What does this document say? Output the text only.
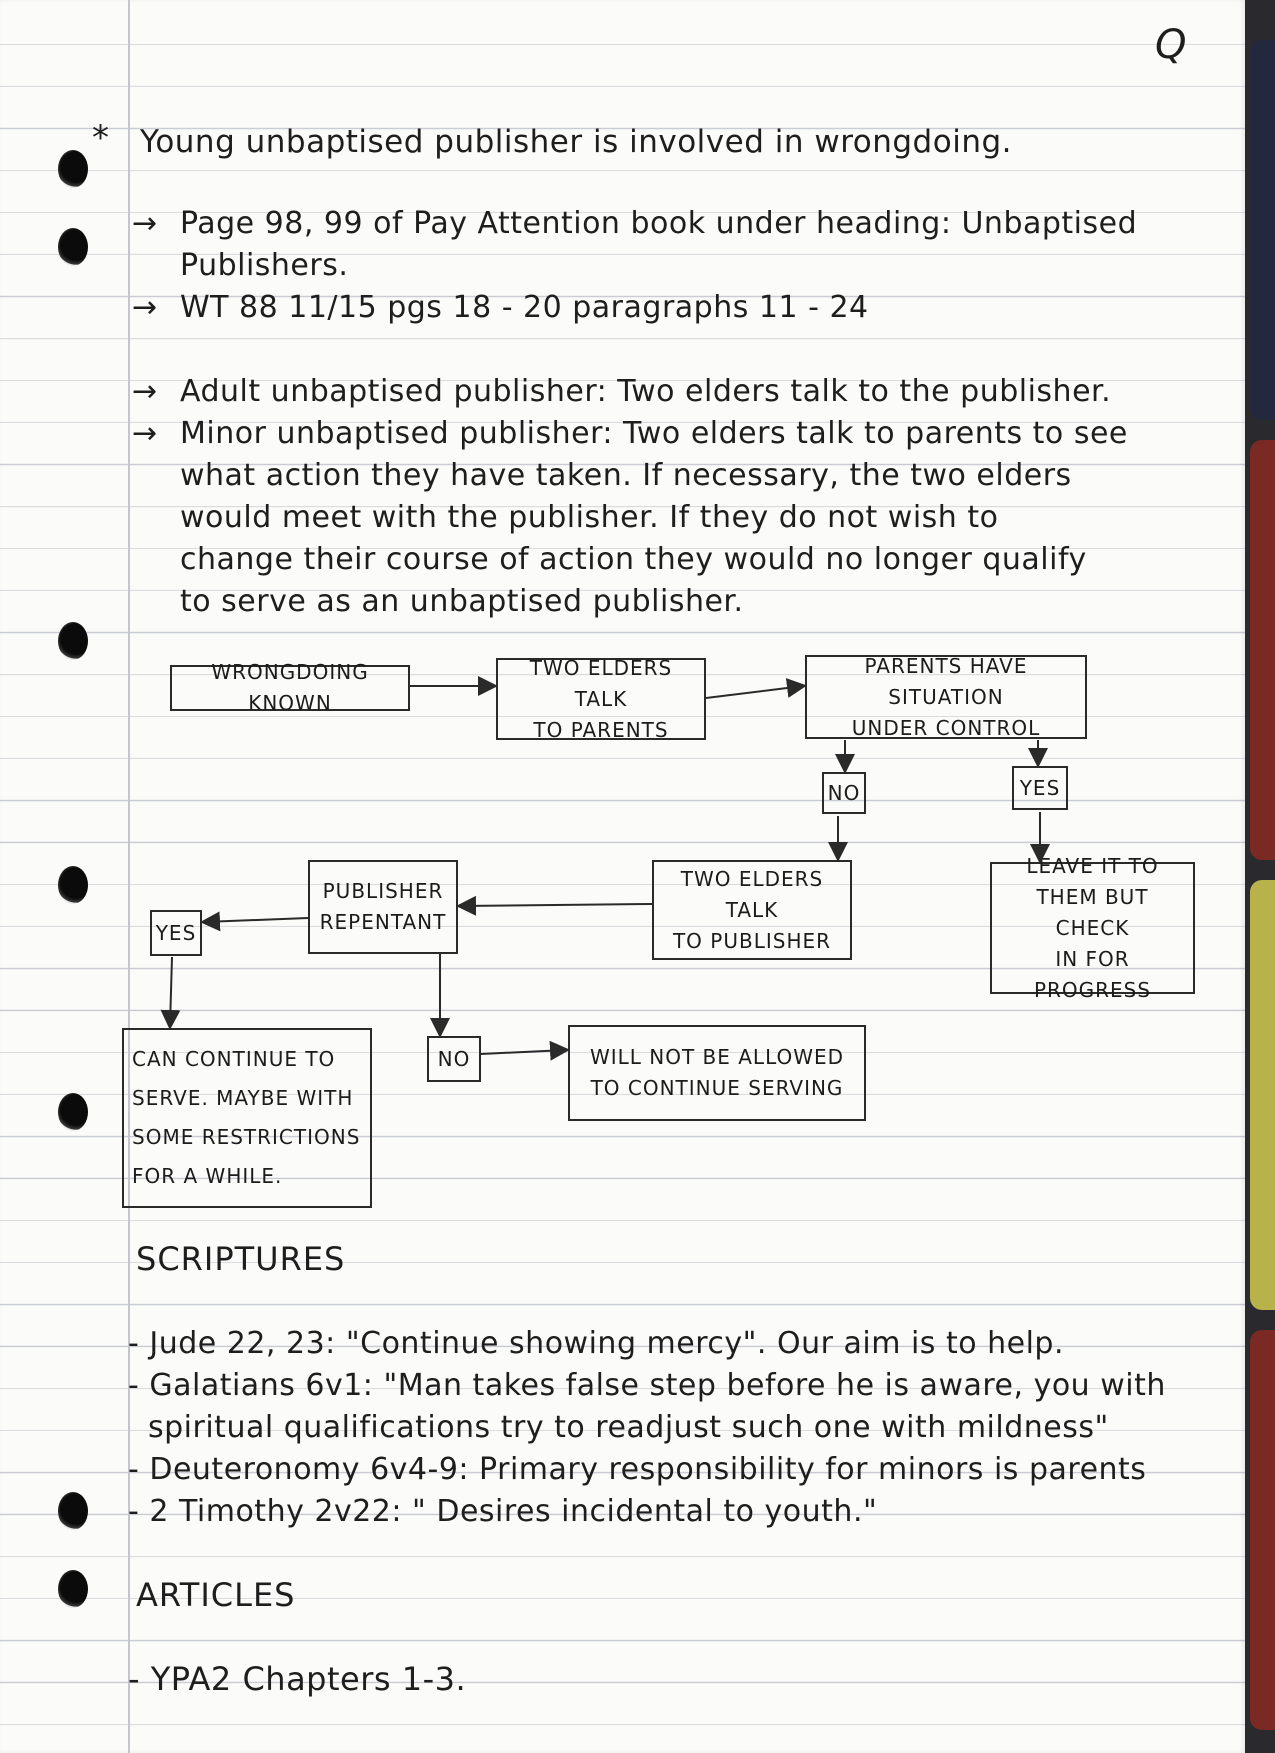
Q
* Young unbaptised publisher is involved in wrongdoing.
→ Page 98, 99 of Pay Attention book under heading: Unbaptised
Publishers.
→ WT 88 11/15 pgs 18 - 20 paragraphs 11 - 24
→ Adult unbaptised publisher: Two elders talk to the publisher.
→ Minor unbaptised publisher: Two elders talk to parents to see
what action they have taken. If necessary, the two elders
would meet with the publisher. If they do not wish to
change their course of action they would no longer qualify
to serve as an unbaptised publisher.
WRONGDOING KNOWN
TWO ELDERS TALK
TO PARENTS
PARENTS HAVE SITUATION
UNDER CONTROL
NO	YES
TWO ELDERS TALK
TO PUBLISHER
LEAVE IT TO
THEM BUT CHECK
IN FOR PROGRESS
PUBLISHER
REPENTANT
YES
CAN CONTINUE TO
SERVE. MAYBE WITH
SOME RESTRICTIONS
FOR A WHILE.
NO	WILL NOT BE ALLOWED
TO CONTINUE SERVING
SCRIPTURES
- Jude 22, 23: "Continue showing mercy". Our aim is to help.
- Galatians 6v1: "Man takes false step before he is aware, you with
spiritual qualifications try to readjust such one with mildness"
- Deuteronomy 6v4-9: Primary responsibility for minors is parents
- 2 Timothy 2v22: " Desires incidental to youth."
ARTICLES
- YPA2 Chapters 1-3.
